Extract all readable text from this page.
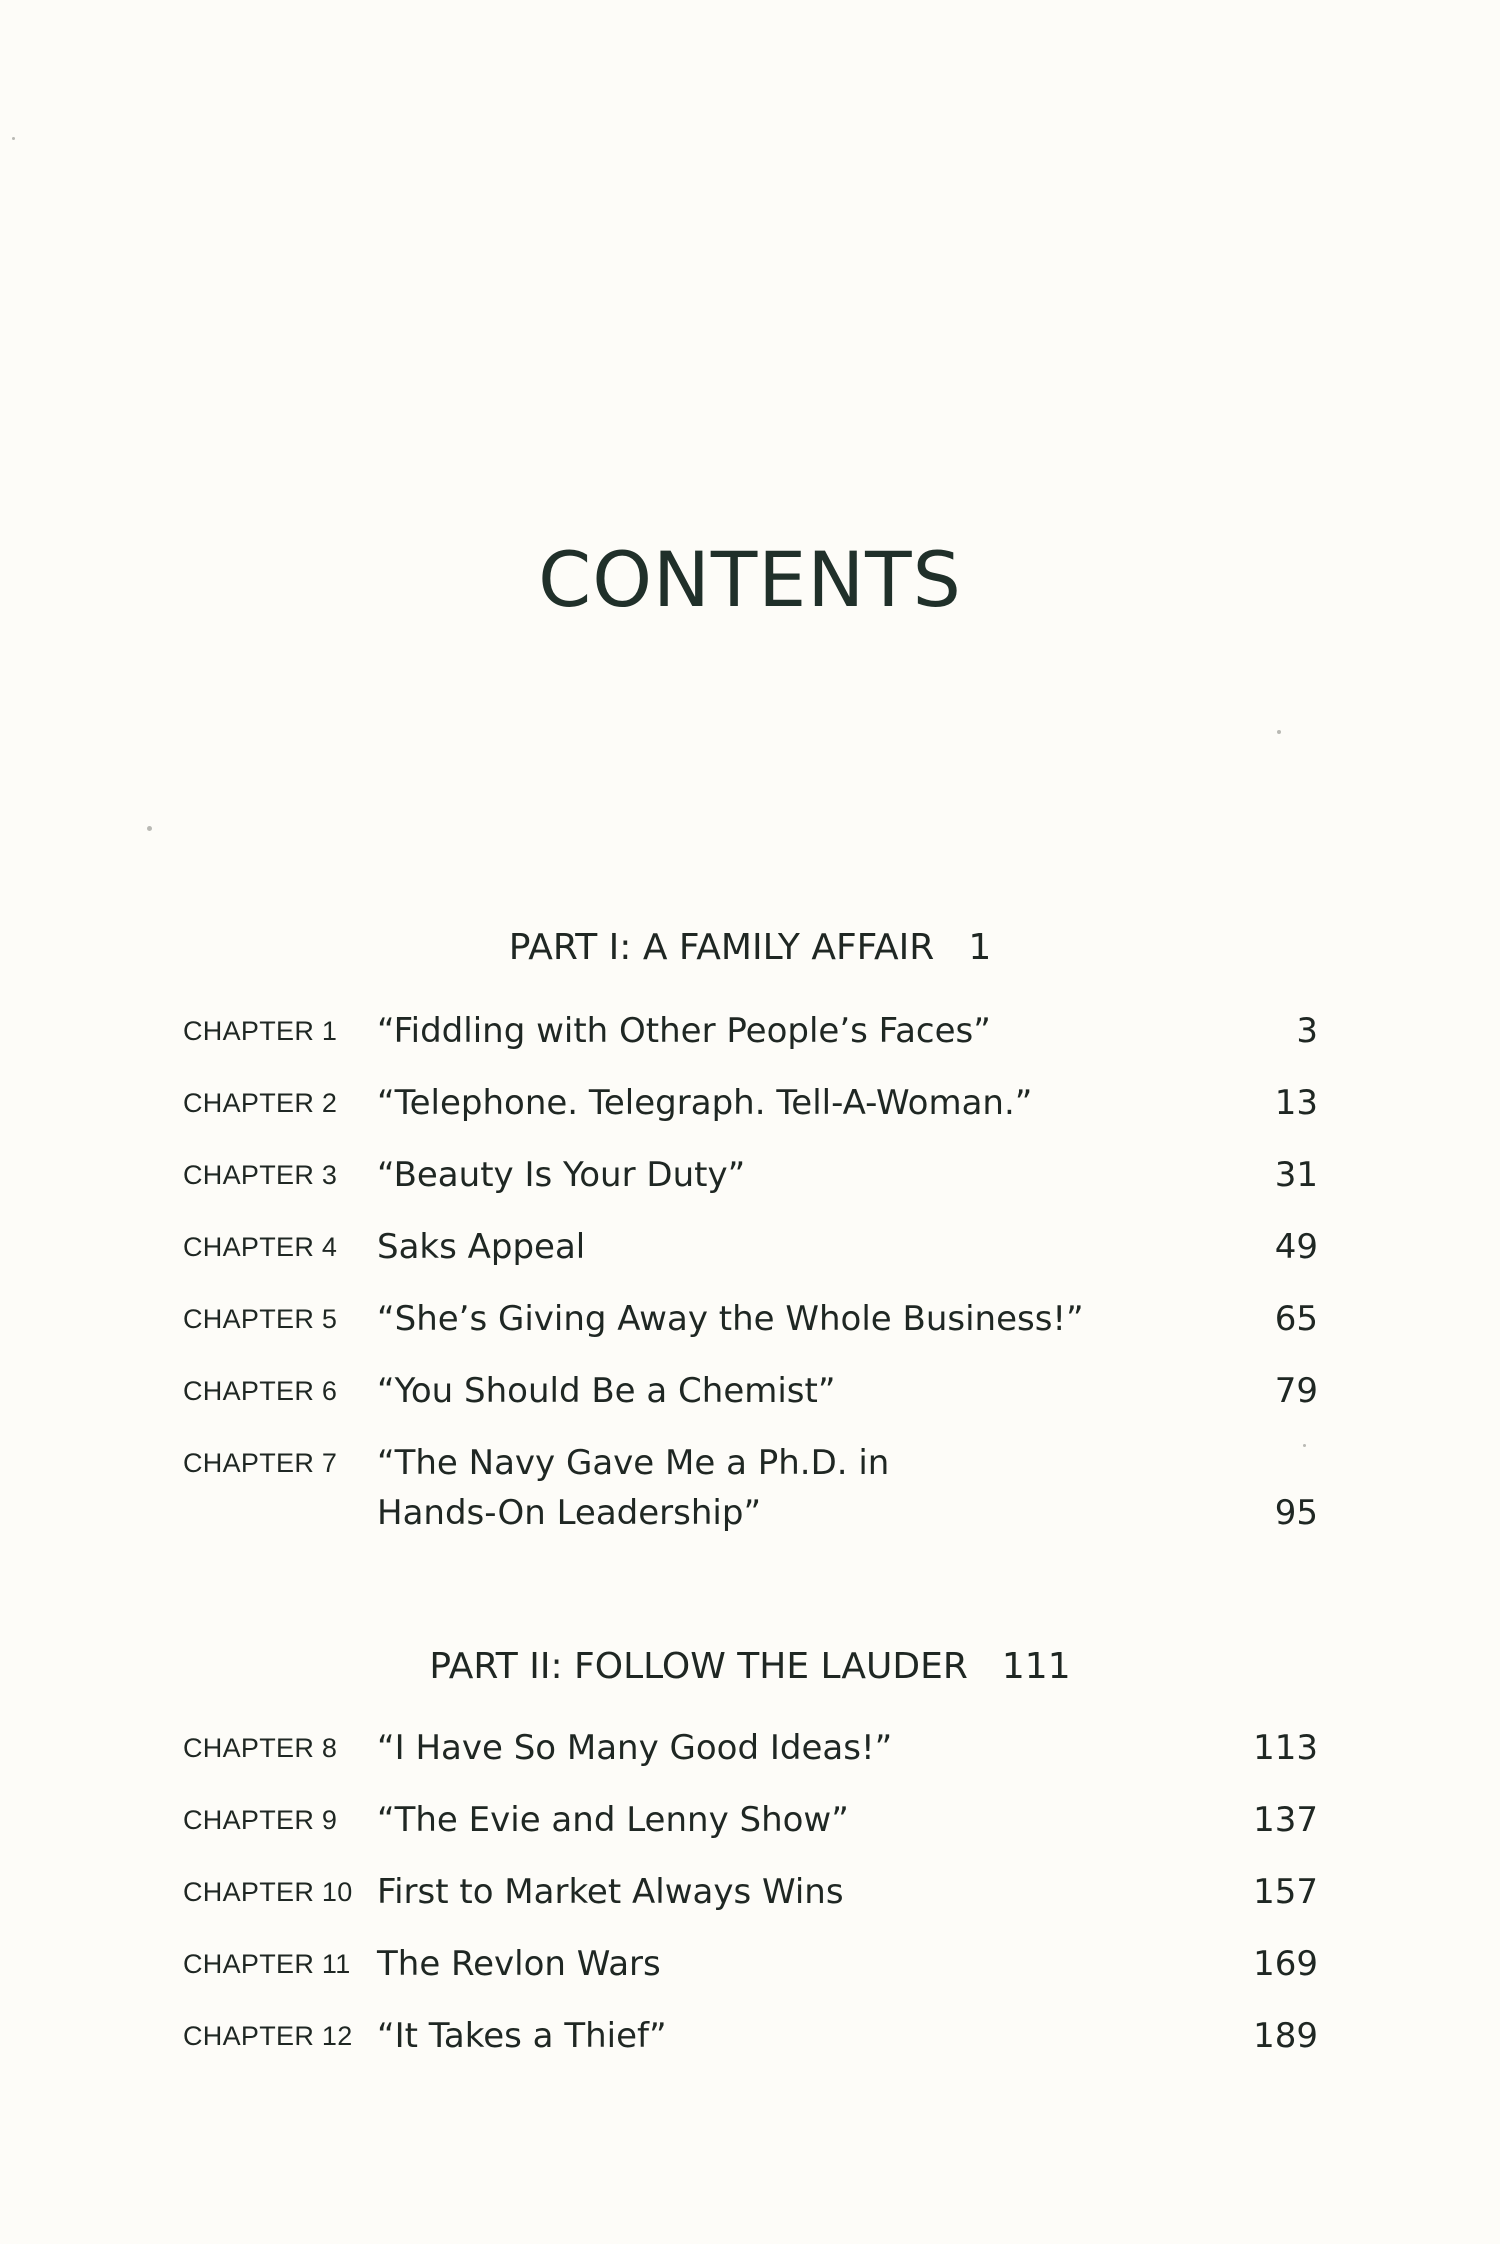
CONTENTS
PART I: A FAMILY AFFAIR 1
CHAPTER 1 “Fiddling with Other People’s Faces”	3
CHAPTER 2 “Telephone. Telegraph. Tell-A-Woman.”	13
CHAPTER 3 “Beauty Is Your Duty”	31
CHAPTER 4 Saks Appeal	49
CHAPTER 5 “She’s Giving Away the Whole Business!”	65
CHAPTER 6 “You Should Be a Chemist”	79
CHAPTER 7 “The Navy Gave Me a Ph.D. in
Hands-On Leadership”	95
PART II: FOLLOW THE LAUDER 111
CHAPTER 8 “I Have So Many Good Ideas!”	113
CHAPTER 9 “The Evie and Lenny Show”	137
CHAPTER 10 First to Market Always Wins	157
CHAPTER 11 The Revlon Wars	169
CHAPTER 12 “It Takes a Thief”	189
